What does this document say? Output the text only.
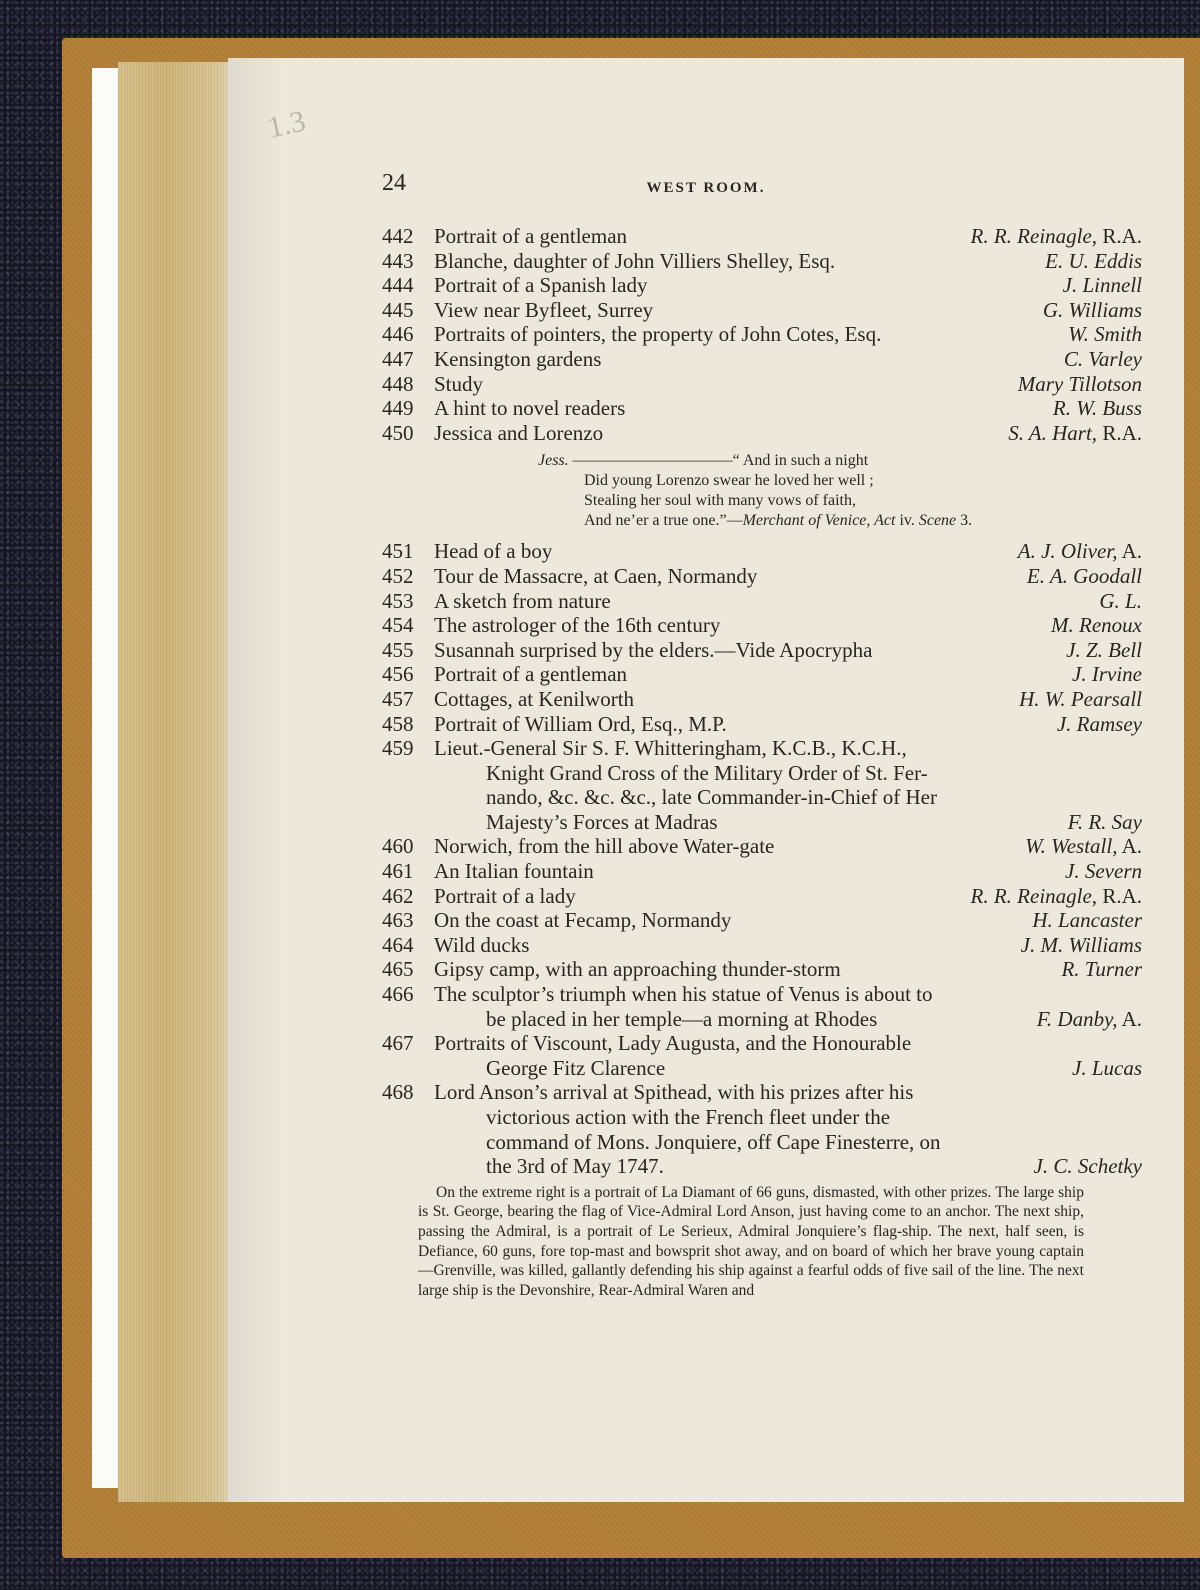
1.3
24	WEST ROOM.
442 Portrait of a gentleman	R. R. Reinagle, R.A.
443 Blanche, daughter of John Villiers Shelley, Esq.	E. U. Eddis
444 Portrait of a Spanish lady	J. Linnell
445 View near Byfleet, Surrey	G. Williams
446 Portraits of pointers, the property of John Cotes, Esq.	W. Smith
447 Kensington gardens	C. Varley
448 Study	Mary Tillotson
449 A hint to novel readers	R. W. Buss
450 Jessica and Lorenzo	S. A. Hart, R.A.
Jess. ——————————“ And in such a night
Did young Lorenzo swear he loved her well ;
Stealing her soul with many vows of faith,
And ne’er a true one.”—Merchant of Venice, Act iv. Scene 3.
451 Head of a boy	A. J. Oliver, A.
452 Tour de Massacre, at Caen, Normandy	E. A. Goodall
453 A sketch from nature	G. L.
454 The astrologer of the 16th century	M. Renoux
455 Susannah surprised by the elders.—Vide Apocrypha	J. Z. Bell
456 Portrait of a gentleman	J. Irvine
457 Cottages, at Kenilworth	H. W. Pearsall
458 Portrait of William Ord, Esq., M.P.	J. Ramsey
459 Lieut.-General Sir S. F. Whitteringham, K.C.B., K.C.H.,
Knight Grand Cross of the Military Order of St. Fer-
nando, &c. &c. &c., late Commander-in-Chief of Her
Majesty’s Forces at Madras	F. R. Say
460 Norwich, from the hill above Water-gate	W. Westall, A.
461 An Italian fountain	J. Severn
462 Portrait of a lady	R. R. Reinagle, R.A.
463 On the coast at Fecamp, Normandy	H. Lancaster
464 Wild ducks	J. M. Williams
465 Gipsy camp, with an approaching thunder-storm	R. Turner
466 The sculptor’s triumph when his statue of Venus is about to
be placed in her temple—a morning at Rhodes	F. Danby, A.
467 Portraits of Viscount, Lady Augusta, and the Honourable
George Fitz Clarence	J. Lucas
468 Lord Anson’s arrival at Spithead, with his prizes after his
victorious action with the French fleet under the
command of Mons. Jonquiere, off Cape Finesterre, on
the 3rd of May 1747.	J. C. Schetky
On the extreme right is a portrait of La Diamant of 66 guns, dismasted, with other prizes. The large ship is St. George, bearing the flag of Vice-Admiral Lord Anson, just having come to an anchor. The next ship, passing the Admiral, is a portrait of Le Serieux, Admiral Jonquiere’s flag-ship. The next, half seen, is Defiance, 60 guns, fore top-mast and bowsprit shot away, and on board of which her brave young captain—Grenville, was killed, gallantly defending his ship against a fearful odds of five sail of the line. The next large ship is the Devonshire, Rear-Admiral Waren and
